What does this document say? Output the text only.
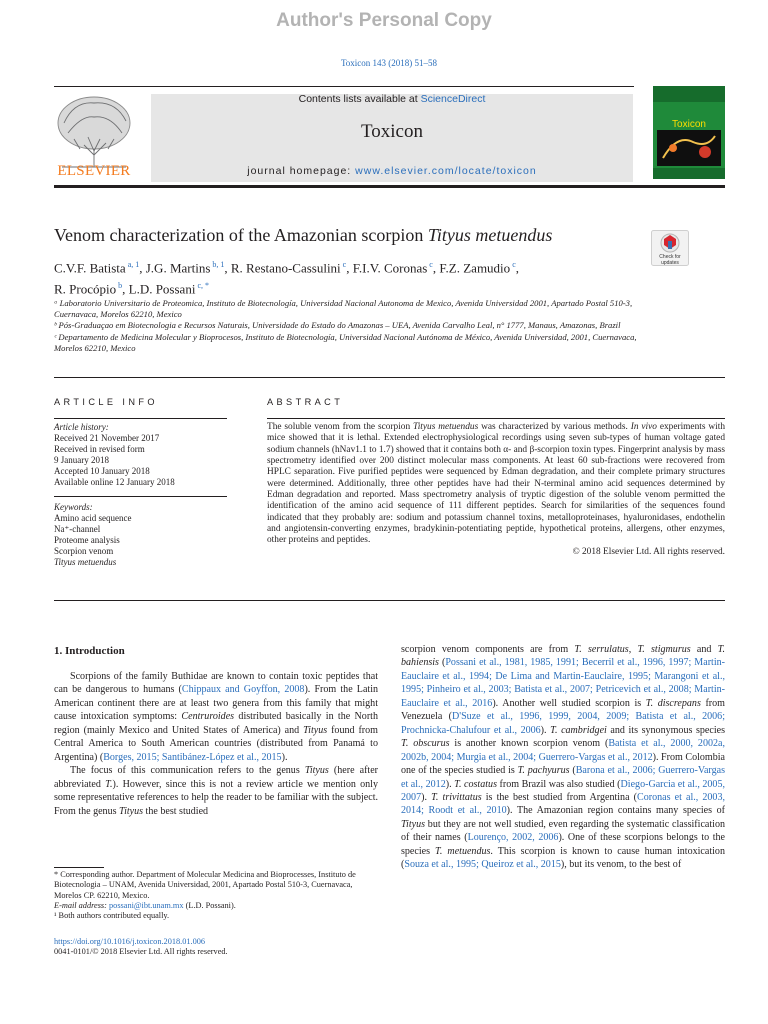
Author's Personal Copy
Toxicon 143 (2018) 51–58
ELSEVIER
Contents lists available at ScienceDirect
Toxicon
journal homepage: www.elsevier.com/locate/toxicon
Toxicon
Venom characterization of the Amazonian scorpion Tityus metuendus
Check for updates
C.V.F. Batista $^{a, 1}$, J.G. Martins $^{b, 1}$, R. Restano-Cassulini $^c$, F.I.V. Coronas $^c$, F.Z. Zamudio $^c$,
R. Procópio $^b$, L.D. Possani $^{c, *}$

ᵃ Laboratorio Universitario de Proteomica, Instituto de Biotecnología, Universidad Nacional Autonoma de Mexico, Avenida Universidad 2001, Apartado Postal 510-3, Cuernavaca, Morelos 62210, Mexico

ᵇ Pós-Graduaçao em Biotecnologia e Recursos Naturais, Universidade do Estado do Amazonas – UEA, Avenida Carvalho Leal, n° 1777, Manaus, Amazonas, Brazil

ᶜ Departamento de Medicina Molecular y Bioprocesos, Instituto de Biotecnología, Universidad Nacional Autónoma de México, Avenida Universidad, 2001, Cuernavaca, Morelos 62210, Mexico

ARTICLE INFO	ABSTRACT
Article history:
Received 21 November 2017
Received in revised form
9 January 2018
Accepted 10 January 2018
Available online 12 January 2018
Keywords:
Amino acid sequence
Na⁺-channel
Proteome analysis
Scorpion venom
Tityus metuendus

The soluble venom from the scorpion Tityus metuendus was characterized by various methods. In vivo experiments with mice showed that it is lethal. Extended electrophysiological recordings using seven sub-types of human voltage gated sodium channels (hNav1.1 to 1.7) showed that it contains both α- and β-scorpion toxin types. Fingerprint analysis by mass spectrometry identified over 200 distinct molecular mass components. At least 60 sub-fractions were recovered from HPLC separation. Five purified peptides were sequenced by Edman degradation, and their complete primary structures were determined. Additionally, three other peptides have had their N-terminal amino acid sequences determined by Edman degradation and reported. Mass spectrometry analysis of tryptic digestion of the soluble venom permitted the identification of the amino acid sequence of 111 different peptides. Search for similarities of the sequences found indicated that they probably are: sodium and potassium channel toxins, metalloproteinases, hyaluronidases, endothelin and angiotensin-converting enzymes, bradykinin-potentiating peptide, hypothetical proteins, allergens, other enzymes, other proteins and peptides.

© 2018 Elsevier Ltd. All rights reserved.

1. Introduction

Scorpions of the family Buthidae are known to contain toxic peptides that can be dangerous to humans (Chippaux and Goyffon, 2008). From the Latin American continent there are at least two genera from this family that might cause intoxication symptoms: Centruroides distributed basically in the North region (mainly Mexico and United States of America) and Tityus found from Central America to South American countries (distributed from Panamá to Argentina) (Borges, 2015; Santibánez-López et al., 2015).

The focus of this communication refers to the genus Tityus (here after abbreviated T.). However, since this is not a review article we mention only some representative references to help the reader to be familiar with the subject. From the genus Tityus the best studied

scorpion venom components are from T. serrulatus, T. stigmurus and T. bahiensis (Possani et al., 1981, 1985, 1991; Becerril et al., 1996, 1997; Martin-Eauclaire et al., 1994; De Lima and Martin-Eauclaire, 1995; Marangoni et al., 1995; Pinheiro et al., 2003; Batista et al., 2007; Petricevich et al., 2008; Martin-Eauclaire et al., 2016). Another well studied scorpion is T. discrepans from Venezuela (D'Suze et al., 1996, 1999, 2004, 2009; Batista et al., 2006; Prochnicka-Chalufour et al., 2006). T. cambridgei and its synonymous species T. obscurus is another known scorpion venom (Batista et al., 2000, 2002a, 2002b, 2004; Murgia et al., 2004; Guerrero-Vargas et al., 2012). From Colombia one of the species studied is T. pachyurus (Barona et al., 2006; Guerrero-Vargas et al., 2012). T. costatus from Brazil was also studied (Diego-Garcia et al., 2005, 2007). T. trivittatus is the best studied from Argentina (Coronas et al., 2003, 2014; Roodt et al., 2010). The Amazonian region contains many species of Tityus but they are not well studied, even regarding the systematic classification of their names (Lourenço, 2002, 2006). One of these scorpions belongs to the species T. metuendus. This scorpion is known to cause human intoxication (Souza et al., 1995; Queiroz et al., 2015), but its venom, to the best of

* Corresponding author. Department of Molecular Medicina and Bioprocesses, Instituto de Biotecnologia – UNAM, Avenida Universidad, 2001, Apartado Postal 510-3, Cuernavaca, Morelos CP. 62210, Mexico.

E-mail address: possani@ibt.unam.mx (L.D. Possani).

¹ Both authors contributed equally.

https://doi.org/10.1016/j.toxicon.2018.01.006
0041-0101/© 2018 Elsevier Ltd. All rights reserved.
